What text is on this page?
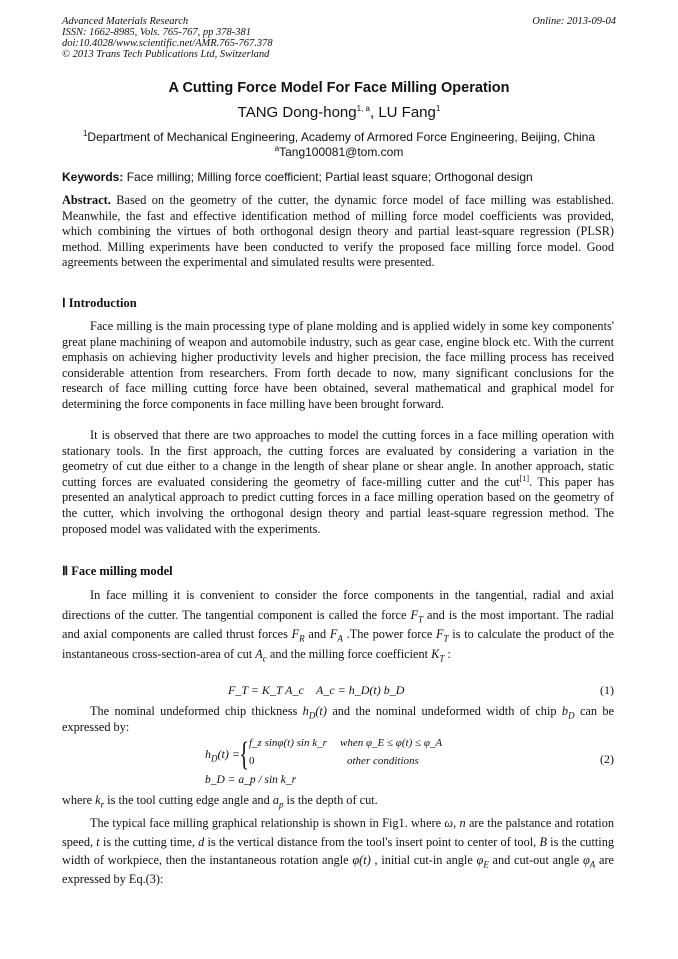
Advanced Materials Research
ISSN: 1662-8985, Vols. 765-767, pp 378-381
doi:10.4028/www.scientific.net/AMR.765-767.378
© 2013 Trans Tech Publications Ltd, Switzerland
Online: 2013-09-04
A Cutting Force Model For Face Milling Operation
TANG Dong-hong$^{1, a}$, LU Fang$^1$
$^1$Department of Mechanical Engineering, Academy of Armored Force Engineering, Beijing, China
$^a$Tang100081@tom.com
Keywords: Face milling; Milling force coefficient; Partial least square; Orthogonal design
Abstract. Based on the geometry of the cutter, the dynamic force model of face milling was established. Meanwhile, the fast and effective identification method of milling force model coefficients was provided, which combining the virtues of both orthogonal design theory and partial least-square regression (PLSR) method. Milling experiments have been conducted to verify the proposed face milling force model. Good agreements between the experimental and simulated results were presented.
Ⅰ Introduction
Face milling is the main processing type of plane molding and is applied widely in some key components' great plane machining of weapon and automobile industry, such as gear case, engine block etc. With the current emphasis on achieving higher productivity levels and higher precision, the face milling process has received considerable attention from researchers. From forth decade to now, many significant conclusions for the research of face milling cutting force have been obtained, several mathematical and graphical model for determining the force components in face milling have been brought forward.
It is observed that there are two approaches to model the cutting forces in a face milling operation with stationary tools. In the first approach, the cutting forces are evaluated by considering a variation in the geometry of cut due either to a change in the length of shear plane or shear angle. In another approach, static cutting forces are evaluated considering the geometry of face-milling cutter and the cut[1]. This paper has presented an analytical approach to predict cutting forces in a face milling operation based on the geometry of the cutter, which involving the orthogonal design theory and partial least-square regression method. The proposed model was validated with the experiments.
Ⅱ Face milling model
In face milling it is convenient to consider the force components in the tangential, radial and axial directions of the cutter. The tangential component is called the force $F_T$ and is the most important. The radial and axial components are called thrust forces $F_R$ and $F_A$ .The power force $F_T$ is to calculate the product of the instantaneous cross-section-area of cut $A_c$ and the milling force coefficient $K_T$ :
F_T = K_T A_c A_c = h_D(t) b_D	(1)
The nominal undeformed chip thickness $h_D(t)$ and the nominal undeformed width of chip $b_D$ can be expressed by:
$h_D(t)$ = { f_z sinφ(t) sin k_r when φ_E ≤ φ(t) ≤ φ_A
0	other conditions
b_D = a_p / sin k_r
(2)
where $k_r$ is the tool cutting edge angle and $a_p$ is the depth of cut.
The typical face milling graphical relationship is shown in Fig1. where ω, n are the palstance and rotation speed, t is the cutting time, d is the vertical distance from the tool's insert point to center of tool, B is the cutting width of workpiece, then the instantaneous rotation angle φ(t) , initial cut-in angle $\varphi_E$ and cut-out angle $\varphi_A$ are expressed by Eq.(3):
